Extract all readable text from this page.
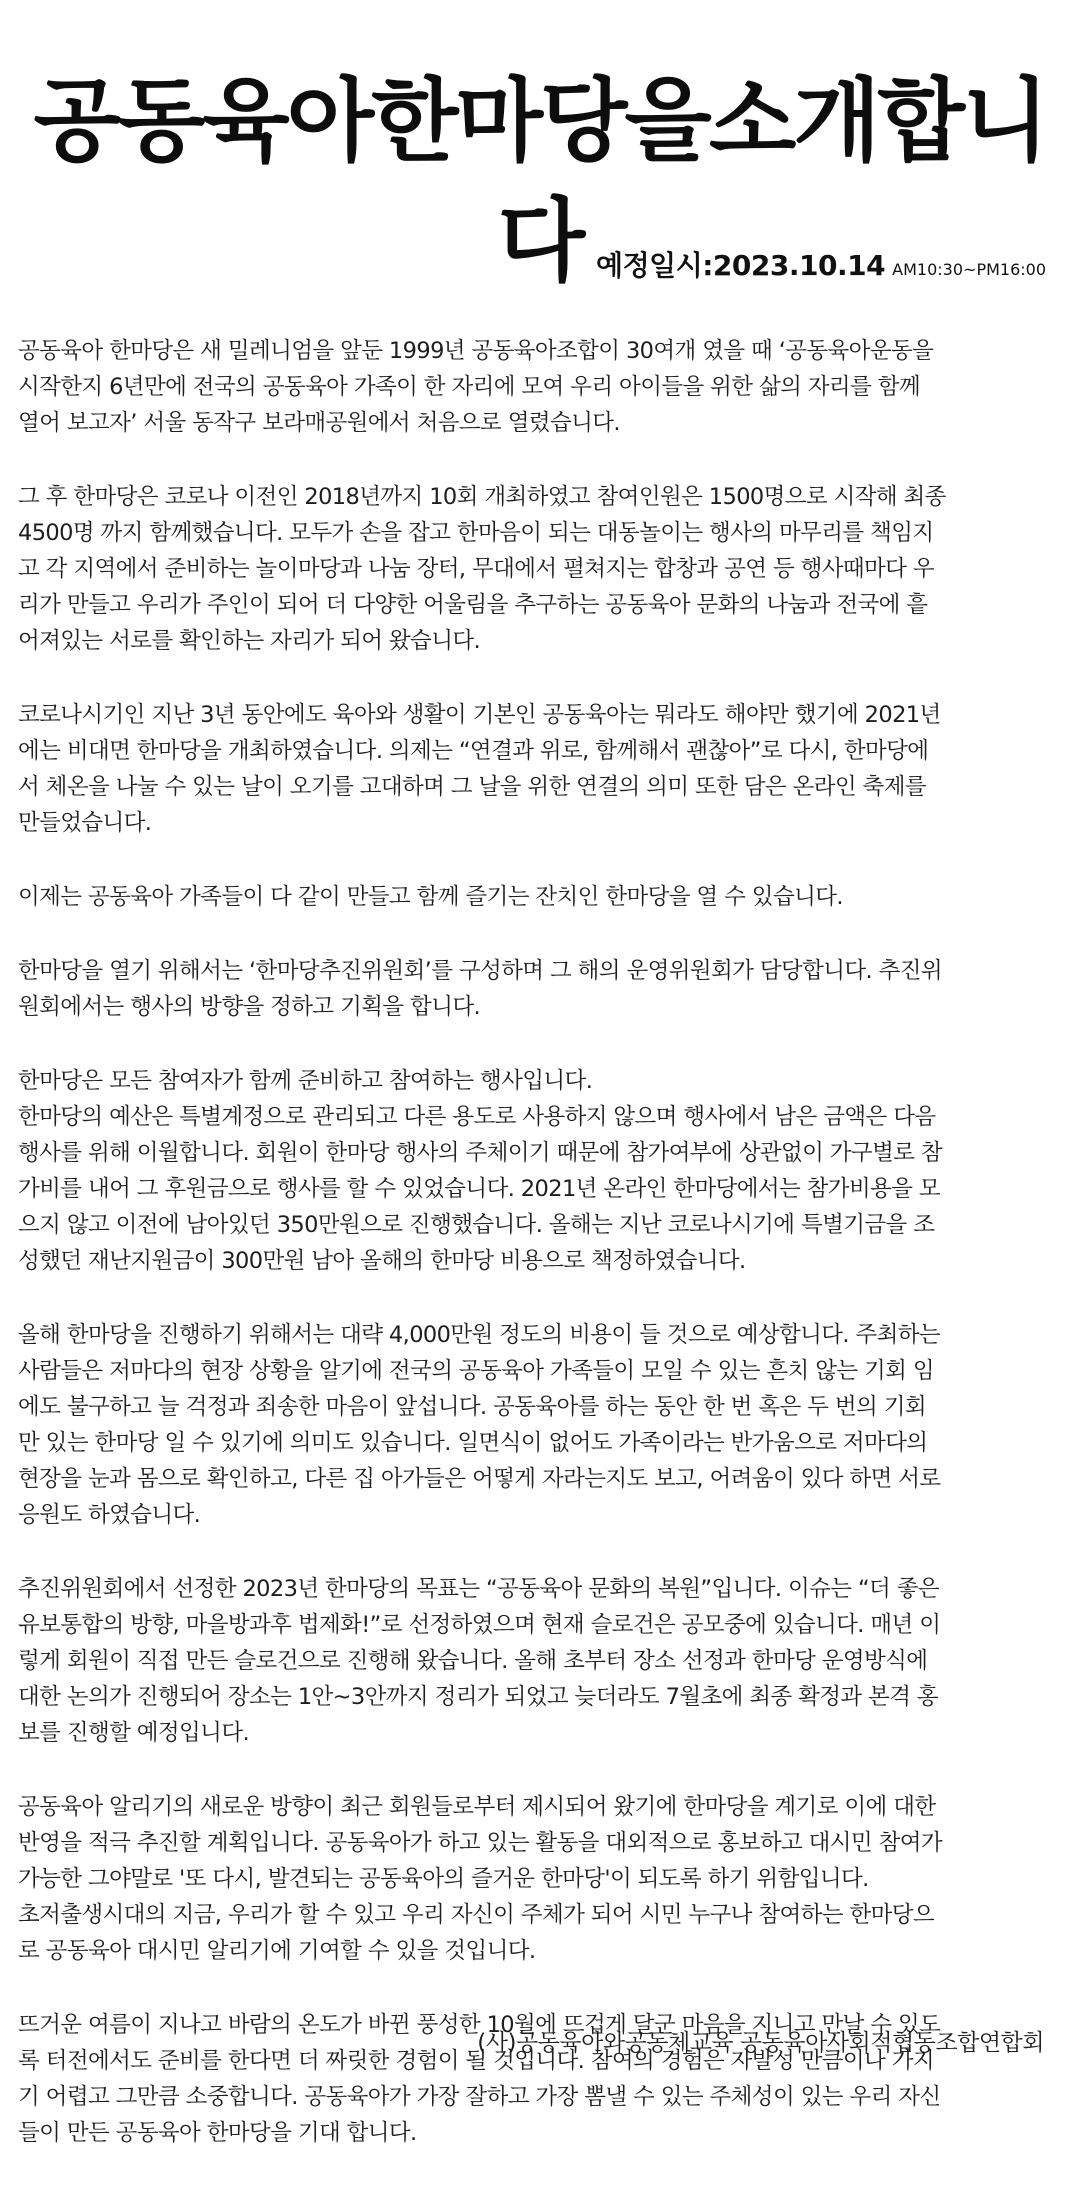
공동육아한마당을소개합니다 예정일시:2023.10.14 AM10:30~PM16:00
공동육아 한마당은 새 밀레니엄을 앞둔 1999년 공동육아조합이 30여개 였을 때 ‘공동육아운동을
시작한지 6년만에 전국의 공동육아 가족이 한 자리에 모여 우리 아이들을 위한 삶의 자리를 함께
열어 보고자’ 서울 동작구 보라매공원에서 처음으로 열렸습니다.
그 후 한마당은 코로나 이전인 2018년까지 10회 개최하였고 참여인원은 1500명으로 시작해 최종
4500명 까지 함께했습니다. 모두가 손을 잡고 한마음이 되는 대동놀이는 행사의 마무리를 책임지
고 각 지역에서 준비하는 놀이마당과 나눔 장터, 무대에서 펼쳐지는 합창과 공연 등 행사때마다 우
리가 만들고 우리가 주인이 되어 더 다양한 어울림을 추구하는 공동육아 문화의 나눔과 전국에 흩
어져있는 서로를 확인하는 자리가 되어 왔습니다.
코로나시기인 지난 3년 동안에도 육아와 생활이 기본인 공동육아는 뭐라도 해야만 했기에 2021년
에는 비대면 한마당을 개최하였습니다. 의제는 “연결과 위로, 함께해서 괜찮아”로 다시, 한마당에
서 체온을 나눌 수 있는 날이 오기를 고대하며 그 날을 위한 연결의 의미 또한 담은 온라인 축제를
만들었습니다.
이제는 공동육아 가족들이 다 같이 만들고 함께 즐기는 잔치인 한마당을 열 수 있습니다.
한마당을 열기 위해서는 ‘한마당추진위원회’를 구성하며 그 해의 운영위원회가 담당합니다. 추진위
원회에서는 행사의 방향을 정하고 기획을 합니다.
한마당은 모든 참여자가 함께 준비하고 참여하는 행사입니다.
한마당의 예산은 특별계정으로 관리되고 다른 용도로 사용하지 않으며 행사에서 남은 금액은 다음
행사를 위해 이월합니다. 회원이 한마당 행사의 주체이기 때문에 참가여부에 상관없이 가구별로 참
가비를 내어 그 후원금으로 행사를 할 수 있었습니다. 2021년 온라인 한마당에서는 참가비용을 모
으지 않고 이전에 남아있던 350만원으로 진행했습니다. 올해는 지난 코로나시기에 특별기금을 조
성했던 재난지원금이 300만원 남아 올해의 한마당 비용으로 책정하였습니다.
올해 한마당을 진행하기 위해서는 대략 4,000만원 정도의 비용이 들 것으로 예상합니다. 주최하는
사람들은 저마다의 현장 상황을 알기에 전국의 공동육아 가족들이 모일 수 있는 흔치 않는 기회 임
에도 불구하고 늘 걱정과 죄송한 마음이 앞섭니다. 공동육아를 하는 동안 한 번 혹은 두 번의 기회
만 있는 한마당 일 수 있기에 의미도 있습니다. 일면식이 없어도 가족이라는 반가움으로 저마다의
현장을 눈과 몸으로 확인하고, 다른 집 아가들은 어떻게 자라는지도 보고, 어려움이 있다 하면 서로
응원도 하였습니다.
추진위원회에서 선정한 2023년 한마당의 목표는 “공동육아 문화의 복원”입니다. 이슈는 “더 좋은
유보통합의 방향, 마을방과후 법제화!”로 선정하였으며 현재 슬로건은 공모중에 있습니다. 매년 이
렇게 회원이 직접 만든 슬로건으로 진행해 왔습니다. 올해 초부터 장소 선정과 한마당 운영방식에
대한 논의가 진행되어 장소는 1안~3안까지 정리가 되었고 늦더라도 7월초에 최종 확정과 본격 홍
보를 진행할 예정입니다.
공동육아 알리기의 새로운 방향이 최근 회원들로부터 제시되어 왔기에 한마당을 계기로 이에 대한
반영을 적극 추진할 계획입니다. 공동육아가 하고 있는 활동을 대외적으로 홍보하고 대시민 참여가
가능한 그야말로 '또 다시, 발견되는 공동육아의 즐거운 한마당'이 되도록 하기 위함입니다.
초저출생시대의 지금, 우리가 할 수 있고 우리 자신이 주체가 되어 시민 누구나 참여하는 한마당으
로 공동육아 대시민 알리기에 기여할 수 있을 것입니다.
뜨거운 여름이 지나고 바람의 온도가 바뀐 풍성한 10월에 뜨겁게 달군 마음을 지니고 만날 수 있도
록 터전에서도 준비를 한다면 더 짜릿한 경험이 될 것입니다. 참여의 경험은 자발성 만큼이나 가지
기 어렵고 그만큼 소중합니다. 공동육아가 가장 잘하고 가장 뽐낼 수 있는 주체성이 있는 우리 자신
들이 만든 공동육아 한마당을 기대 합니다.
(사)공동육아와공동체교육 공동육아사회적협동조합연합회
